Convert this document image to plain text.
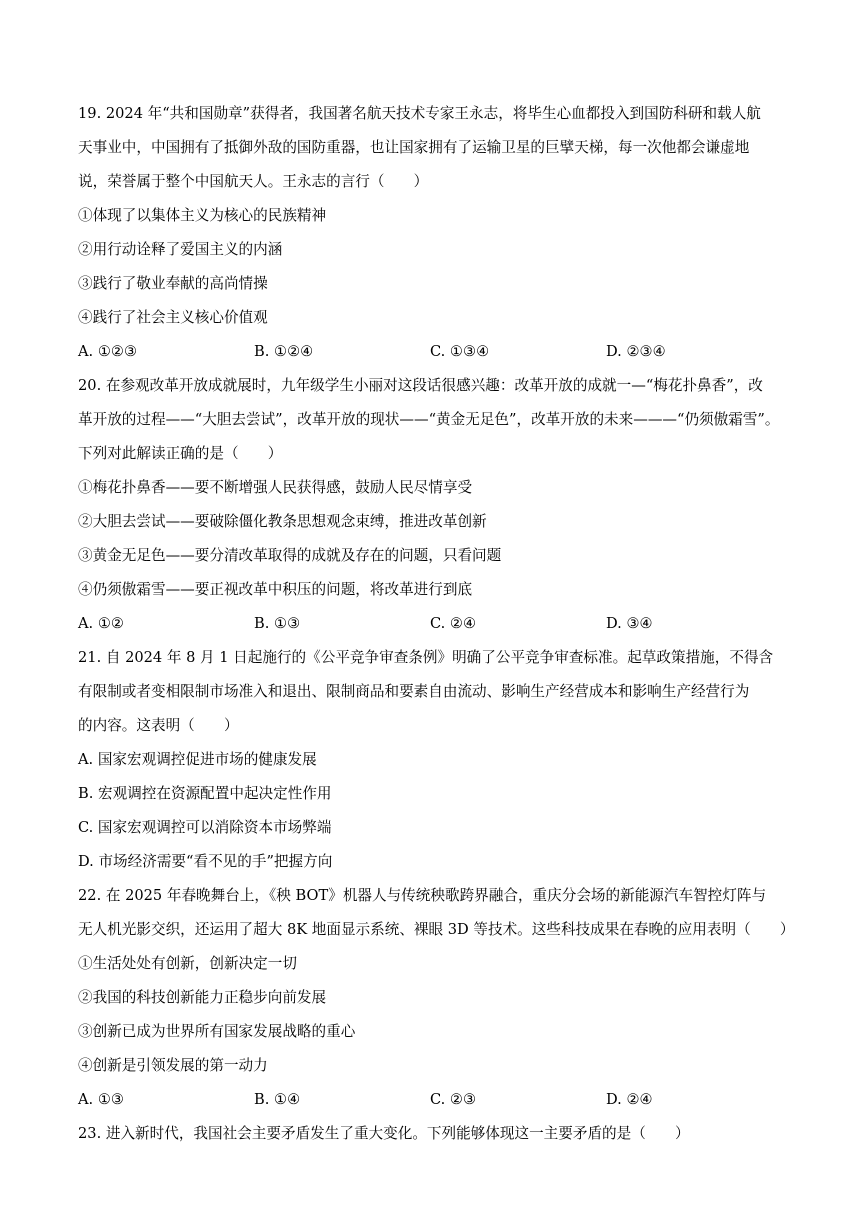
19. 2024 年“共和国勋章”获得者，我国著名航天技术专家王永志，将毕生心血都投入到国防科研和载人航
天事业中，中国拥有了抵御外敌的国防重器，也让国家拥有了运输卫星的巨擘天梯，每一次他都会谦虚地
说，荣誉属于整个中国航天人。王永志的言行（　　）
①体现了以集体主义为核心的民族精神
②用行动诠释了爱国主义的内涵
③践行了敬业奉献的高尚情操
④践行了社会主义核心价值观
A. ①②③	B. ①②④	C. ①③④	D. ②③④
20. 在参观改革开放成就展时，九年级学生小丽对这段话很感兴趣：改革开放的成就一—“梅花扑鼻香”，改
革开放的过程——“大胆去尝试”，改革开放的现状——“黄金无足色”，改革开放的未来———“仍须傲霜雪”。
下列对此解读正确的是（　　）
①梅花扑鼻香——要不断增强人民获得感，鼓励人民尽情享受
②大胆去尝试——要破除僵化教条思想观念束缚，推进改革创新
③黄金无足色——要分清改革取得的成就及存在的问题，只看问题
④仍须傲霜雪——要正视改革中积压的问题，将改革进行到底
A. ①②	B. ①③	C. ②④	D. ③④
21. 自 2024 年 8 月 1 日起施行的《公平竞争审查条例》明确了公平竞争审查标准。起草政策措施，不得含
有限制或者变相限制市场准入和退出、限制商品和要素自由流动、影响生产经营成本和影响生产经营行为
的内容。这表明（　　）
A. 国家宏观调控促进市场的健康发展
B. 宏观调控在资源配置中起决定性作用
C. 国家宏观调控可以消除资本市场弊端
D. 市场经济需要“看不见的手”把握方向
22. 在 2025 年春晚舞台上，《秧 BOT》机器人与传统秧歌跨界融合，重庆分会场的新能源汽车智控灯阵与
无人机光影交织，还运用了超大 8K 地面显示系统、裸眼 3D 等技术。这些科技成果在春晚的应用表明（　　）
①生活处处有创新，创新决定一切
②我国的科技创新能力正稳步向前发展
③创新已成为世界所有国家发展战略的重心
④创新是引领发展的第一动力
A. ①③	B. ①④	C. ②③	D. ②④
23. 进入新时代，我国社会主要矛盾发生了重大变化。下列能够体现这一主要矛盾的是（　　）
